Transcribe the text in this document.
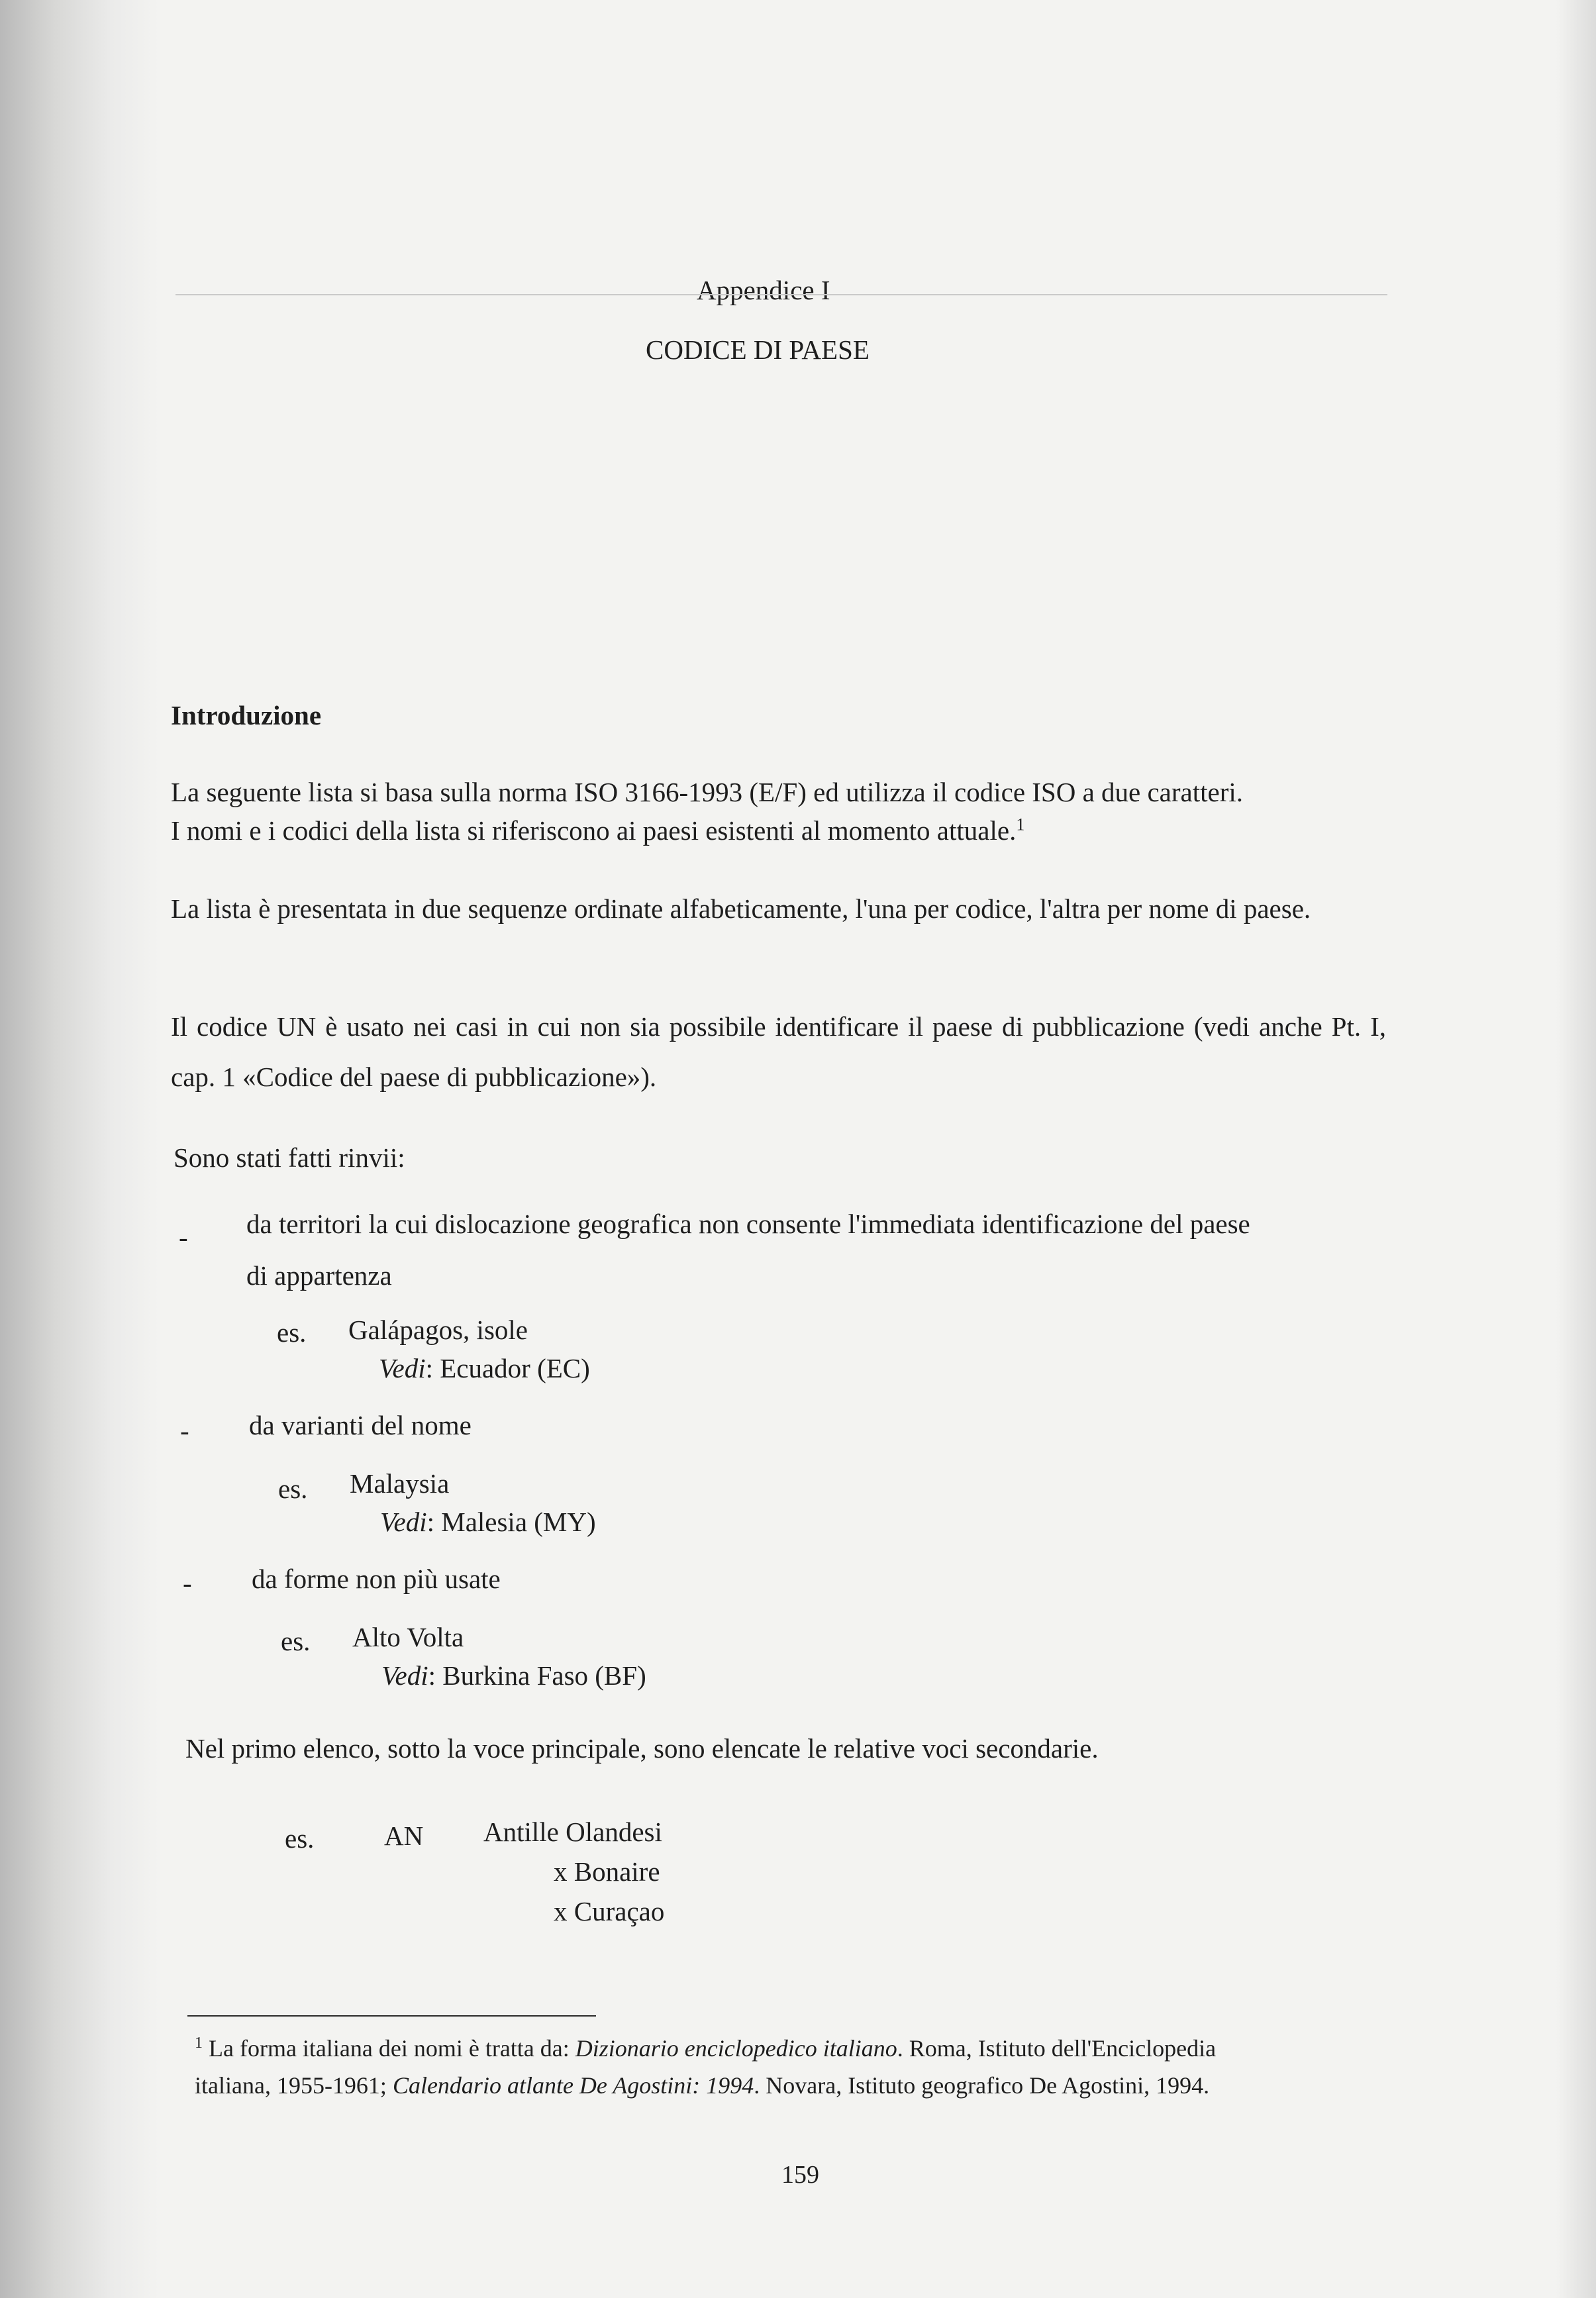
Appendice I
CODICE DI PAESE
Introduzione
La seguente lista si basa sulla norma ISO 3166-1993 (E/F) ed utilizza il codice ISO a due caratteri.
I nomi e i codici della lista si riferiscono ai paesi esistenti al momento attuale.$^1$
La lista è presentata in due sequenze ordinate alfabeticamente, l'una per codice, l'altra per nome di paese.
Il codice UN è usato nei casi in cui non sia possibile identificare il paese di pubblicazione (vedi anche Pt. I, cap. 1 «Codice del paese di pubblicazione»).
Sono stati fatti rinvii:
- da territori la cui dislocazione geografica non consente l'immediata identificazione del paese
di appartenza
es. Galápagos, isole
Vedi: Ecuador (EC)
- da varianti del nome
es. Malaysia
Vedi: Malesia (MY)
- da forme non più usate
es. Alto Volta
Vedi: Burkina Faso (BF)
Nel primo elenco, sotto la voce principale, sono elencate le relative voci secondarie.
es.	AN Antille Olandesi
x Bonaire
x Curaçao
$^1$ La forma italiana dei nomi è tratta da: Dizionario enciclopedico italiano. Roma, Istituto dell'Enciclopedia
italiana, 1955-1961; Calendario atlante De Agostini: 1994. Novara, Istituto geografico De Agostini, 1994.
159
